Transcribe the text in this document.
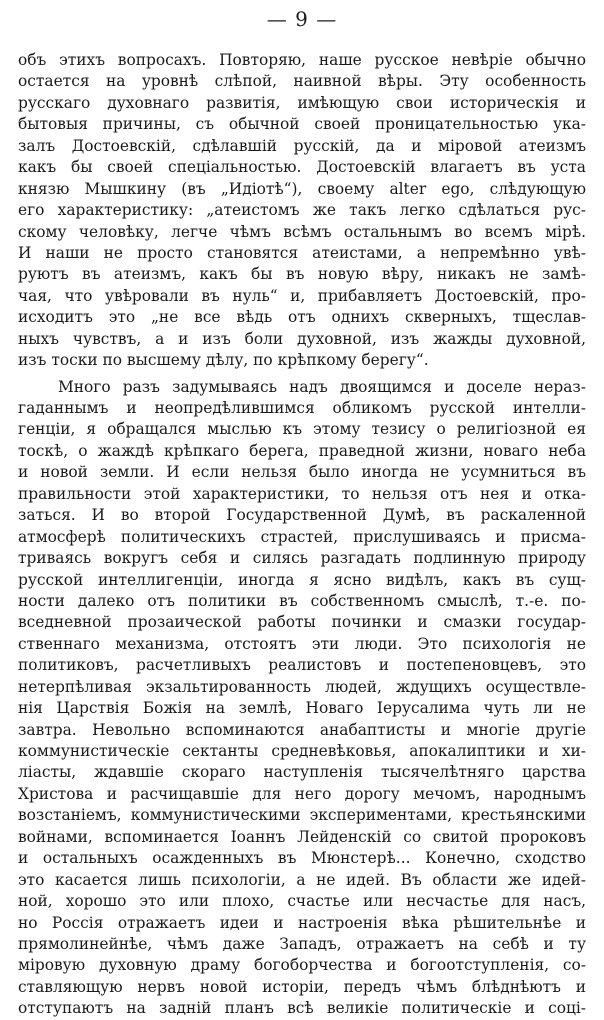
— 9 —
объ этихъ вопросахъ. Повторяю, наше русское невѣріе обычно
остается на уровнѣ слѣпой, наивной вѣры. Эту особенность
русскаго духовнаго развитія, имѣющую свои историческія и
бытовыя причины, съ обычной своей проницательностью ука-
залъ Достоевскій, сдѣлавшій русскій, да и міровой атеизмъ
какъ бы своей спеціальностью. Достоевскій влагаетъ въ уста
князю Мышкину (въ „Идіотѣ“), своему alter ego, слѣдующую
его характеристику: „атеистомъ же такъ легко сдѣлаться рус-
скому человѣку, легче чѣмъ всѣмъ остальнымъ во всемъ мірѣ.
И наши не просто становятся атеистами, а непремѣнно увѣ-
руютъ въ атеизмъ, какъ бы въ новую вѣру, никакъ не замѣ-
чая, что увѣровали въ нуль“ и, прибавляетъ Достоевскій, про-
исходитъ это „не все вѣдь отъ однихъ скверныхъ, тщеслав-
ныхъ чувствъ, а и изъ боли духовной, изъ жажды духовной,
изъ тоски по высшему дѣлу, по крѣпкому берегу“.
Много разъ задумываясь надъ двоящимся и доселе нераз-
гаданнымъ и неопредѣлившимся обликомъ русской интелли-
генціи, я обращался мыслью къ этому тезису о религіозной ея
тоскѣ, о жаждѣ крѣпкаго берега, праведной жизни, новаго неба
и новой земли. И если нельзя было иногда не усумниться въ
правильности этой характеристики, то нельзя отъ нея и отка-
заться. И во второй Государственной Думѣ, въ раскаленной
атмосферѣ политическихъ страстей, прислушиваясь и присма-
триваясь вокругъ себя и силясь разгадать подлинную природу
русской интеллигенціи, иногда я ясно видѣлъ, какъ въ сущ-
ности далеко отъ политики въ собственномъ смыслѣ, т.-е. по-
вседневной прозаической работы починки и смазки государ-
ственнаго механизма, отстоятъ эти люди. Это психологія не
политиковъ, расчетливыхъ реалистовъ и постепеновцевъ, это
нетерпѣливая экзальтированность людей, ждущихъ осуществле-
нія Царствія Божія на землѣ, Новаго Іерусалима чуть ли не
завтра. Невольно вспоминаются анабаптисты и многіе другіе
коммунистическіе сектанты средневѣковья, апокалиптики и хи-
ліасты, ждавшіе скораго наступленія тысячелѣтняго царства
Христова и расчищавшіе для него дорогу мечомъ, народнымъ
возстаніемъ, коммунистическими экспериментами, крестьянскими
войнами, вспоминается Іоаннъ Лейденскій со свитой пророковъ
и остальныхъ осажденныхъ въ Мюнстерѣ... Конечно, сходство
это касается лишь психологіи, а не идей. Въ области же идей-
ной, хорошо это или плохо, счастье или несчастье для насъ,
но Россія отражаетъ идеи и настроенія вѣка рѣшительнѣе и
прямолинейнѣе, чѣмъ даже Западъ, отражаетъ на себѣ и ту
міровую духовную драму богоборчества и богоотступленія, со-
ставляющую нервъ новой исторіи, передъ чѣмъ блѣднѣютъ и
отступаютъ на задній планъ всѣ великіе политическіе и соці-
